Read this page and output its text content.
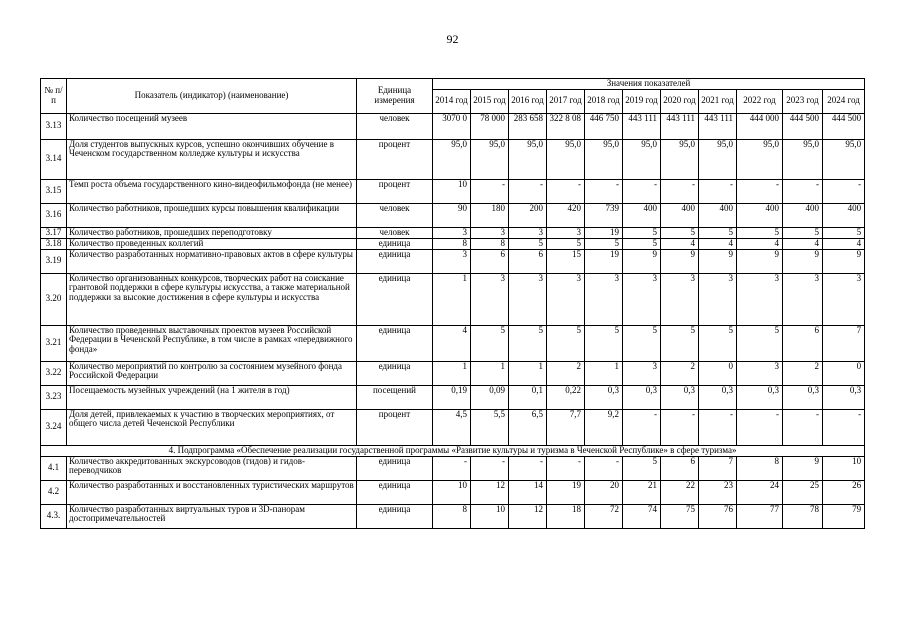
92
№ п/п	Показатель (индикатор) (наименование)	Единица измерения	Значения показателей										
			2014 год	2015 год	2016 год	2017 год	2018 год	2019 год	2020 год	2021 год	2022 год	2023 год	2024 год
3.13	Количество посещений музеев	человек	3070 0	78 000	283 658	322 8 08	446 750	443 111	443 111	443 111	444 000	444 500	444 500
3.14	Доля студентов выпускных курсов, успешно окончивших обучение в Чеченском государственном колледже культуры и искусства	процент	95,0	95,0	95,0	95,0	95,0	95,0	95,0	95,0	95,0	95,0	95,0
3.15	Темп роста объема государственного кино-видеофильмофонда (не менее)	процент	10	-	-	-	-	-	-	-	-	-	-
3.16	Количество работников, прошедших курсы повышения квалификации	человек	90	180	200	420	739	400	400	400	400	400	400
3.17	Количество работников, прошедших переподготовку	человек	3	3	3	3	19	5	5	5	5	5	5
3.18	Количество проведенных коллегий	единица	8	8	5	5	5	5	4	4	4	4	4
3.19	Количество разработанных нормативно-правовых актов в сфере культуры	единица	3	6	6	15	19	9	9	9	9	9	9
3.20	Количество организованных конкурсов, творческих работ на соискание грантовой поддержки в сфере культуры искусства, а также материальной поддержки за высокие достижения в сфере культуры и искусства	единица	1	3	3	3	3	3	3	3	3	3	3
3.21	Количество проведенных выставочных проектов музеев Российской Федерации в Чеченской Республике, в том числе в рамках «передвижного фонда»	единица	4	5	5	5	5	5	5	5	5	6	7
3.22	Количество мероприятий по контролю за состоянием музейного фонда Российской Федерации	единица	1	1	1	2	1	3	2	0	3	2	0
3.23	Посещаемость музейных учреждений (на 1 жителя в год)	посещений	0,19	0,09	0,1	0,22	0,3	0,3	0,3	0,3	0,3	0,3	0,3
3.24	Доля детей, привлекаемых к участию в творческих мероприятиях, от общего числа детей Чеченской Республики	процент	4,5	5,5	6,5	7,7	9,2	-	-	-	-	-	-
4. Подпрограмма «Обеспечение реализации государственной программы «Развитие культуры и туризма в Чеченской Республике» в сфере туризма»													
4.1	Количество аккредитованных экскурсоводов (гидов) и гидов-переводчиков	единица	-	-	-	-	-	5	6	7	8	9	10
4.2	Количество разработанных и восстановленных туристических маршрутов	единица	10	12	14	19	20	21	22	23	24	25	26
4.3.	Количество разработанных виртуальных туров и 3D-панорам достопримечательностей	единица	8	10	12	18	72	74	75	76	77	78	79
